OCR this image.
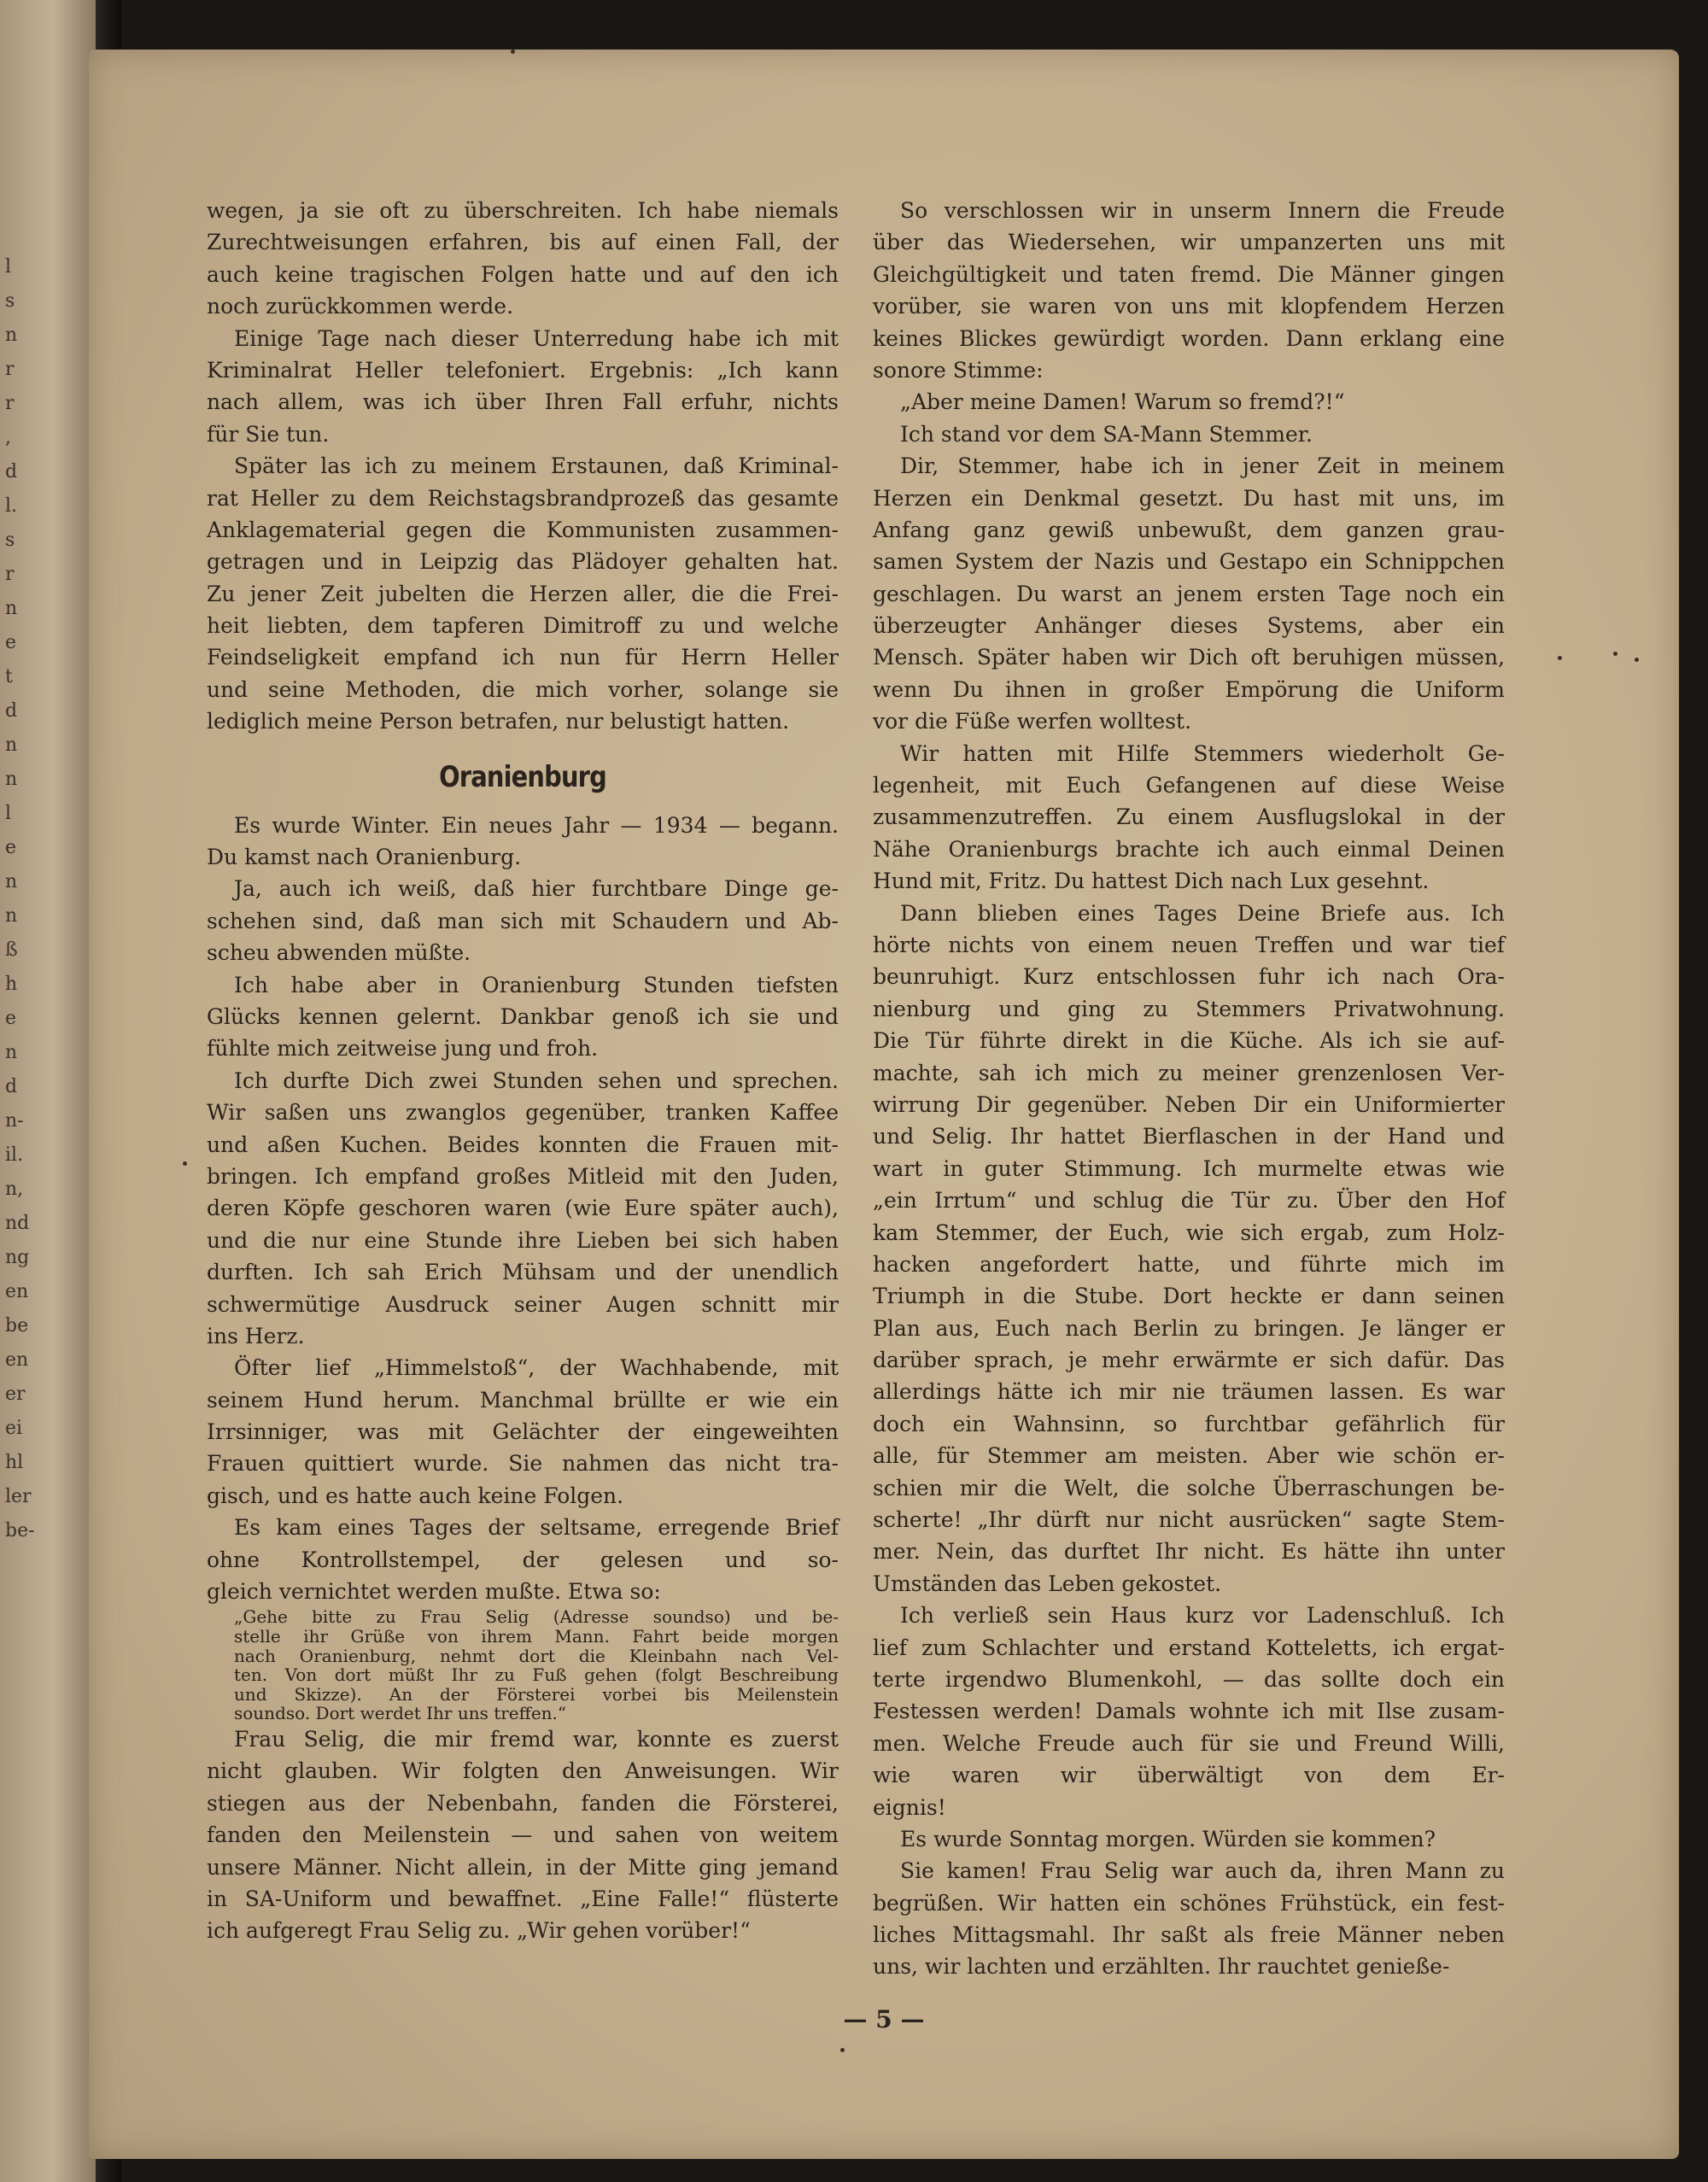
l
s
n
r
r
,
d
l.
s
r
n
e
t
d
n
n
l
e
n
n
ß
h
e
n
d
n-
il.
n,
nd
ng
en
be
en
er
ei
hl
ler
be-
wegen, ja sie oft zu überschreiten. Ich habe niemals
Zurechtweisungen erfahren, bis auf einen Fall, der
auch keine tragischen Folgen hatte und auf den ich
noch zurückkommen werde.
Einige Tage nach dieser Unterredung habe ich mit
Kriminalrat Heller telefoniert. Ergebnis: „Ich kann
nach allem, was ich über Ihren Fall erfuhr, nichts
für Sie tun.
Später las ich zu meinem Erstaunen, daß Kriminal-
rat Heller zu dem Reichstagsbrandprozeß das gesamte
Anklagematerial gegen die Kommunisten zusammen-
getragen und in Leipzig das Plädoyer gehalten hat.
Zu jener Zeit jubelten die Herzen aller, die die Frei-
heit liebten, dem tapferen Dimitroff zu und welche
Feindseligkeit empfand ich nun für Herrn Heller
und seine Methoden, die mich vorher, solange sie
lediglich meine Person betrafen, nur belustigt hatten.
Oranienburg
Es wurde Winter. Ein neues Jahr — 1934 — begann.
Du kamst nach Oranienburg.
Ja, auch ich weiß, daß hier furchtbare Dinge ge-
schehen sind, daß man sich mit Schaudern und Ab-
scheu abwenden müßte.
Ich habe aber in Oranienburg Stunden tiefsten
Glücks kennen gelernt. Dankbar genoß ich sie und
fühlte mich zeitweise jung und froh.
Ich durfte Dich zwei Stunden sehen und sprechen.
Wir saßen uns zwanglos gegenüber, tranken Kaffee
und aßen Kuchen. Beides konnten die Frauen mit-
bringen. Ich empfand großes Mitleid mit den Juden,
deren Köpfe geschoren waren (wie Eure später auch),
und die nur eine Stunde ihre Lieben bei sich haben
durften. Ich sah Erich Mühsam und der unendlich
schwermütige Ausdruck seiner Augen schnitt mir
ins Herz.
Öfter lief „Himmelstoß“, der Wachhabende, mit
seinem Hund herum. Manchmal brüllte er wie ein
Irrsinniger, was mit Gelächter der eingeweihten
Frauen quittiert wurde. Sie nahmen das nicht tra-
gisch, und es hatte auch keine Folgen.
Es kam eines Tages der seltsame, erregende Brief
ohne Kontrollstempel, der gelesen und so-
gleich vernichtet werden mußte. Etwa so:
„Gehe bitte zu Frau Selig (Adresse soundso) und be-
stelle ihr Grüße von ihrem Mann. Fahrt beide morgen
nach Oranienburg, nehmt dort die Kleinbahn nach Vel-
ten. Von dort müßt Ihr zu Fuß gehen (folgt Beschreibung
und Skizze). An der Försterei vorbei bis Meilenstein
soundso. Dort werdet Ihr uns treffen.“
Frau Selig, die mir fremd war, konnte es zuerst
nicht glauben. Wir folgten den Anweisungen. Wir
stiegen aus der Nebenbahn, fanden die Försterei,
fanden den Meilenstein — und sahen von weitem
unsere Männer. Nicht allein, in der Mitte ging jemand
in SA-Uniform und bewaffnet. „Eine Falle!“ flüsterte
ich aufgeregt Frau Selig zu. „Wir gehen vorüber!“
So verschlossen wir in unserm Innern die Freude
über das Wiedersehen, wir umpanzerten uns mit
Gleichgültigkeit und taten fremd. Die Männer gingen
vorüber, sie waren von uns mit klopfendem Herzen
keines Blickes gewürdigt worden. Dann erklang eine
sonore Stimme:
„Aber meine Damen! Warum so fremd?!“
Ich stand vor dem SA-Mann Stemmer.
Dir, Stemmer, habe ich in jener Zeit in meinem
Herzen ein Denkmal gesetzt. Du hast mit uns, im
Anfang ganz gewiß unbewußt, dem ganzen grau-
samen System der Nazis und Gestapo ein Schnippchen
geschlagen. Du warst an jenem ersten Tage noch ein
überzeugter Anhänger dieses Systems, aber ein
Mensch. Später haben wir Dich oft beruhigen müssen,
wenn Du ihnen in großer Empörung die Uniform
vor die Füße werfen wolltest.
Wir hatten mit Hilfe Stemmers wiederholt Ge-
legenheit, mit Euch Gefangenen auf diese Weise
zusammenzutreffen. Zu einem Ausflugslokal in der
Nähe Oranienburgs brachte ich auch einmal Deinen
Hund mit, Fritz. Du hattest Dich nach Lux gesehnt.
Dann blieben eines Tages Deine Briefe aus. Ich
hörte nichts von einem neuen Treffen und war tief
beunruhigt. Kurz entschlossen fuhr ich nach Ora-
nienburg und ging zu Stemmers Privatwohnung.
Die Tür führte direkt in die Küche. Als ich sie auf-
machte, sah ich mich zu meiner grenzenlosen Ver-
wirrung Dir gegenüber. Neben Dir ein Uniformierter
und Selig. Ihr hattet Bierflaschen in der Hand und
wart in guter Stimmung. Ich murmelte etwas wie
„ein Irrtum“ und schlug die Tür zu. Über den Hof
kam Stemmer, der Euch, wie sich ergab, zum Holz-
hacken angefordert hatte, und führte mich im
Triumph in die Stube. Dort heckte er dann seinen
Plan aus, Euch nach Berlin zu bringen. Je länger er
darüber sprach, je mehr erwärmte er sich dafür. Das
allerdings hätte ich mir nie träumen lassen. Es war
doch ein Wahnsinn, so furchtbar gefährlich für
alle, für Stemmer am meisten. Aber wie schön er-
schien mir die Welt, die solche Überraschungen be-
scherte! „Ihr dürft nur nicht ausrücken“ sagte Stem-
mer. Nein, das durftet Ihr nicht. Es hätte ihn unter
Umständen das Leben gekostet.
Ich verließ sein Haus kurz vor Ladenschluß. Ich
lief zum Schlachter und erstand Kotteletts, ich ergat-
terte irgendwo Blumenkohl, — das sollte doch ein
Festessen werden! Damals wohnte ich mit Ilse zusam-
men. Welche Freude auch für sie und Freund Willi,
wie waren wir überwältigt von dem Er-
eignis!
Es wurde Sonntag morgen. Würden sie kommen?
Sie kamen! Frau Selig war auch da, ihren Mann zu
begrüßen. Wir hatten ein schönes Frühstück, ein fest-
liches Mittagsmahl. Ihr saßt als freie Männer neben
uns, wir lachten und erzählten. Ihr rauchtet genieße-
— 5 —
